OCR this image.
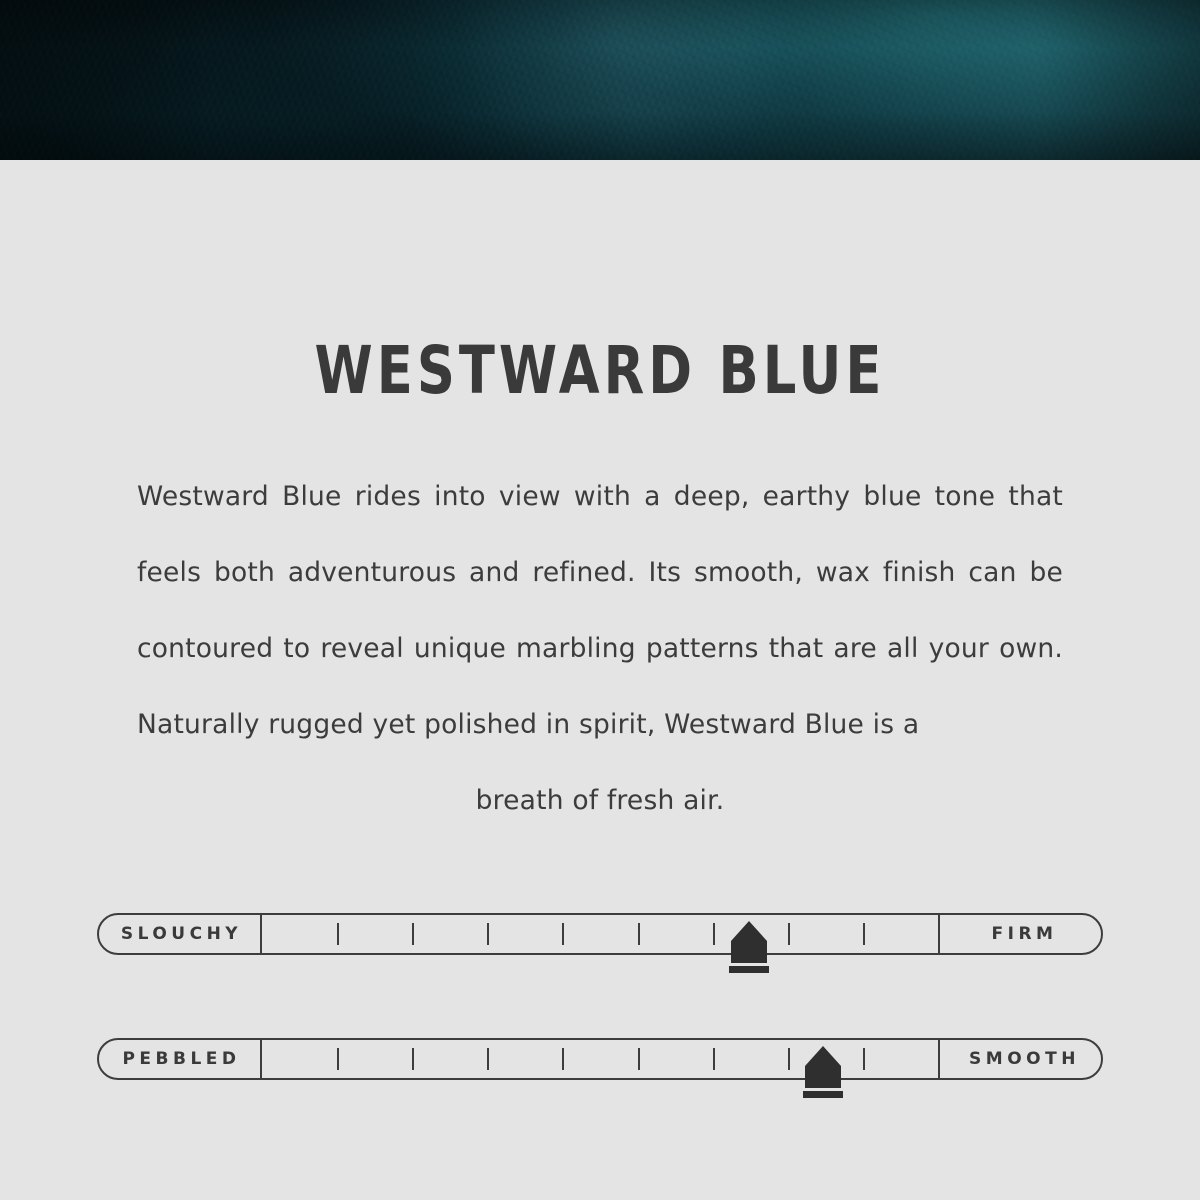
WESTWARD BLUE

Westward Blue rides into view with a deep, earthy blue tone that feels both adventurous and refined. Its smooth, wax finish can be contoured to reveal unique marbling patterns that are all your own. Naturally rugged yet polished in spirit, Westward Blue is a
breath of fresh air.

SLOUCHY	FIRM
PEBBLED	SMOOTH
